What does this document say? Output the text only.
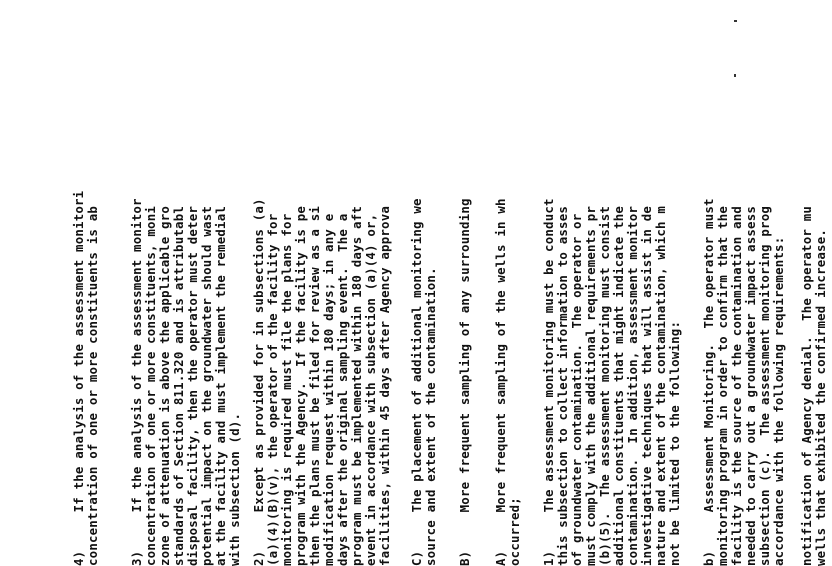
4)     If the analysis of the assessment monitori concentration of one or more constituents is ab 3)     If the analysis of the assessment monitor concentration of one or more constituents, moni zone of attenuation is above the applicable gro standards of Section 811.320 and is attributabl disposal facility, then the operator must deter potential impact on the groundwater should wast at the facility and must implement the remedial with subsection (d). 2)     Except as provided for in subsections (a) (a)(4)(B)(v), the operator of the facility for monitoring is required must file the plans for program with the Agency.  If the facility is pe then the plans must be filed for review as a si modification request within 180 days; in any e days after the original sampling event.  The a program must be implemented within 180 days aft event in accordance with subsection (a)(4) or, facilities, within 45 days after Agency approva C)     The placement of additional monitoring we source and extent of the contamination. B)     More frequent sampling of any surrounding A)     More frequent sampling of the wells in wh occurred; 1)     The assessment monitoring must be conduct this subsection to collect information to asses of groundwater contamination.  The operator or must comply with the additional requirements pr (b)(5).  The assessment monitoring must consist additional constituents that might indicate the contamination.  In addition, assessment monitor investigative techniques that will assist in de nature and extent of the contamination, which m not be limited to the following: b)     Assessment Monitoring.  The operator must monitoring program in order to confirm that the facility is the source of the contamination and needed to carry out a groundwater impact assess subsection (c).  The assessment monitoring prog accordance with the following requirements: notification of Agency denial.  The operator mu wells that exhibited the confirmed increase.
